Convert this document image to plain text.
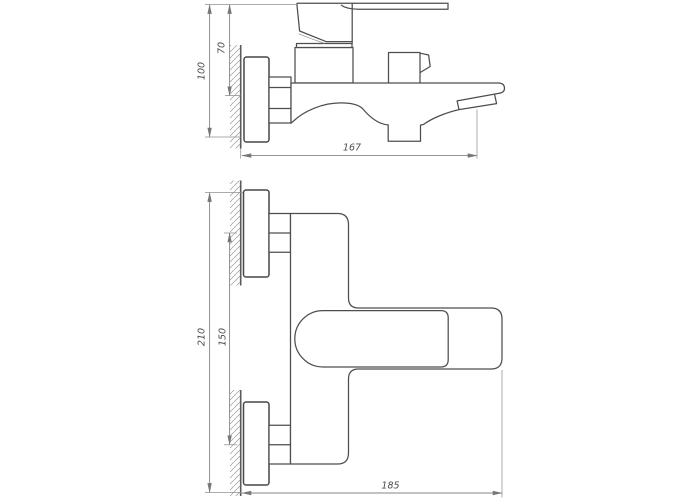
100
70
167
210 150
185
